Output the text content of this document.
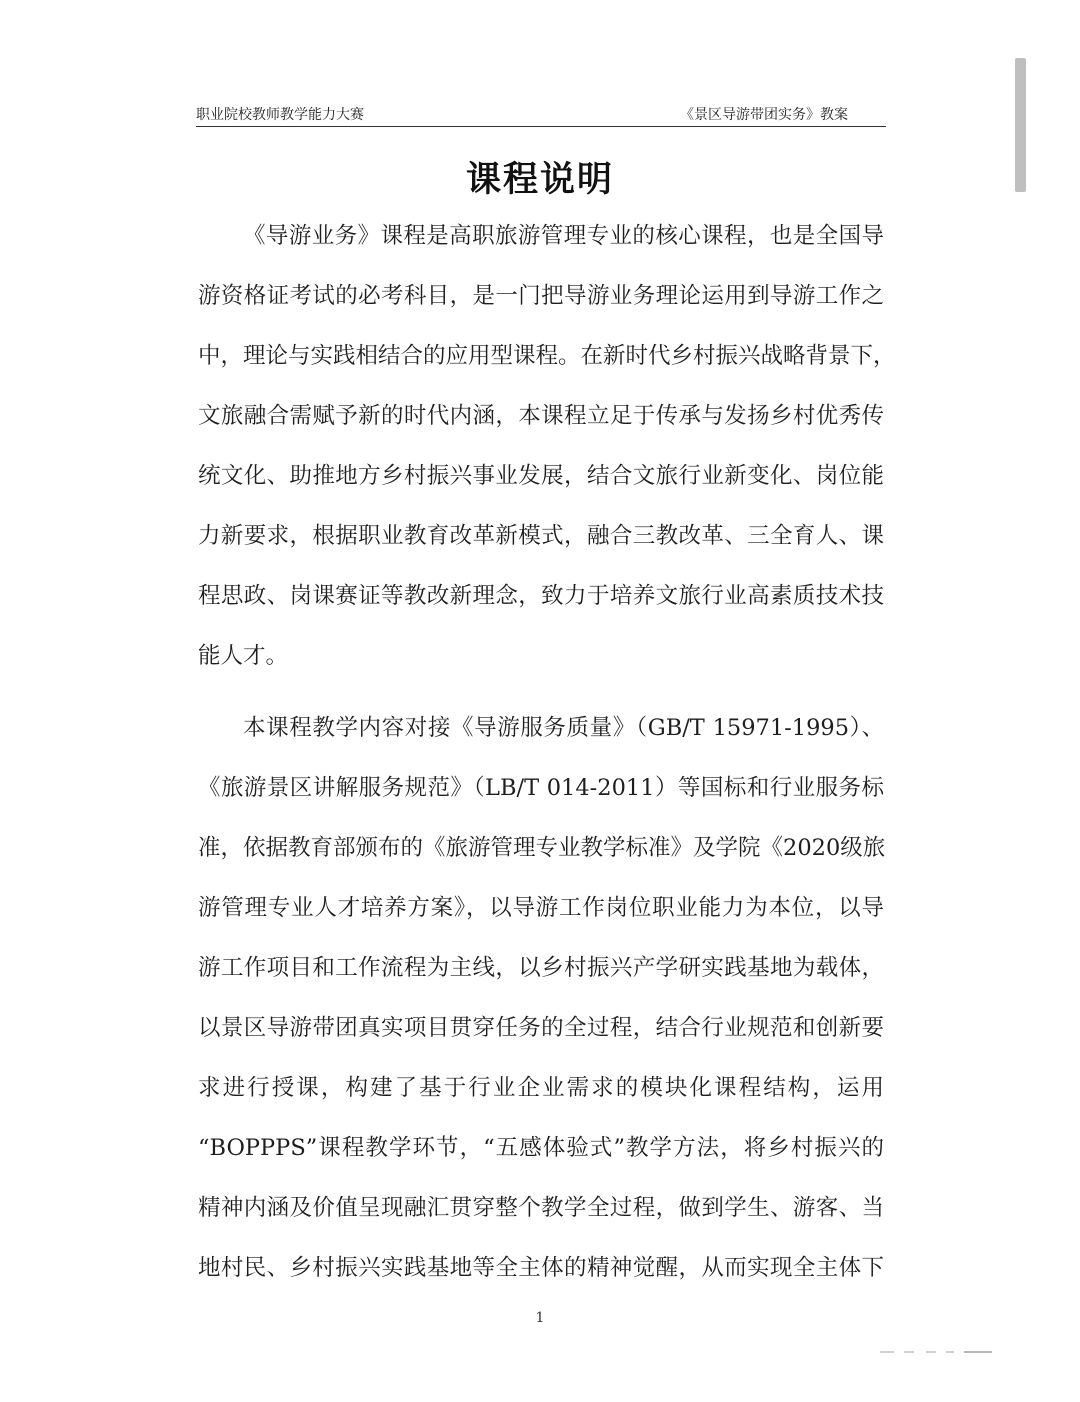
职业院校教师教学能力大赛	《景区导游带团实务》教案
课程说明
《导游业务》课程是高职旅游管理专业的核心课程，也是全国导
游资格证考试的必考科目，是一门把导游业务理论运用到导游工作之
中，理论与实践相结合的应用型课程。在新时代乡村振兴战略背景下，
文旅融合需赋予新的时代内涵，本课程立足于传承与发扬乡村优秀传
统文化、助推地方乡村振兴事业发展，结合文旅行业新变化、岗位能
力新要求，根据职业教育改革新模式，融合三教改革、三全育人、课
程思政、岗课赛证等教改新理念，致力于培养文旅行业高素质技术技
能人才。
本课程教学内容对接《导游服务质量》（GB/T 15971-1995）、
《旅游景区讲解服务规范》（LB/T 014-2011）等国标和行业服务标
准，依据教育部颁布的《旅游管理专业教学标准》及学院《2020级旅
游管理专业人才培养方案》，以导游工作岗位职业能力为本位，以导
游工作项目和工作流程为主线，以乡村振兴产学研实践基地为载体，
以景区导游带团真实项目贯穿任务的全过程，结合行业规范和创新要
求进行授课，构建了基于行业企业需求的模块化课程结构，运用
“BOPPPS”课程教学环节，“五感体验式”教学方法，将乡村振兴的
精神内涵及价值呈现融汇贯穿整个教学全过程，做到学生、游客、当
地村民、乡村振兴实践基地等全主体的精神觉醒，从而实现全主体下
1
